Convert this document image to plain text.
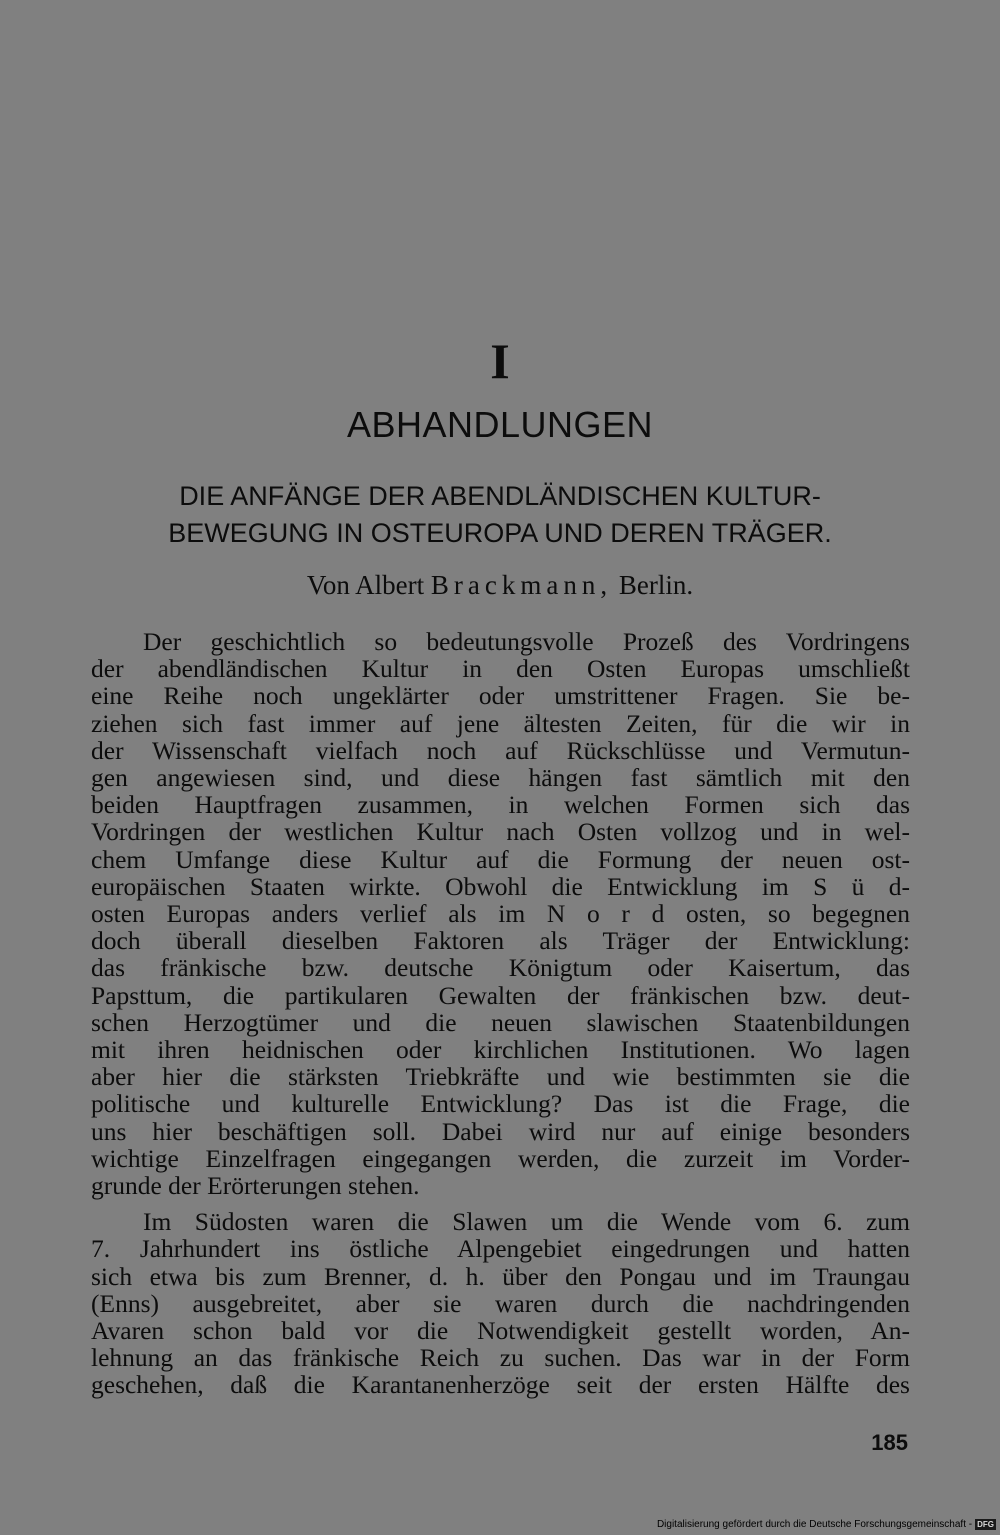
I
ABHANDLUNGEN
DIE ANFÄNGE DER ABENDLÄNDISCHEN KULTUR-
BEWEGUNG IN OSTEUROPA UND DEREN TRÄGER.
Von Albert Brackmann, Berlin.

Der geschichtlich so bedeutungsvolle Prozeß des Vordringens
der abendländischen Kultur in den Osten Europas umschließt
eine Reihe noch ungeklärter oder umstrittener Fragen. Sie be-
ziehen sich fast immer auf jene ältesten Zeiten, für die wir in
der Wissenschaft vielfach noch auf Rückschlüsse und Vermutun-
gen angewiesen sind, und diese hängen fast sämtlich mit den
beiden Hauptfragen zusammen, in welchen Formen sich das
Vordringen der westlichen Kultur nach Osten vollzog und in wel-
chem Umfange diese Kultur auf die Formung der neuen ost-
europäischen Staaten wirkte. Obwohl die Entwicklung im S ü d-
osten Europas anders verlief als im N o r d osten, so begegnen
doch überall dieselben Faktoren als Träger der Entwicklung:
das fränkische bzw. deutsche Königtum oder Kaisertum, das
Papsttum, die partikularen Gewalten der fränkischen bzw. deut-
schen Herzogtümer und die neuen slawischen Staatenbildungen
mit ihren heidnischen oder kirchlichen Institutionen. Wo lagen
aber hier die stärksten Triebkräfte und wie bestimmten sie die
politische und kulturelle Entwicklung? Das ist die Frage, die
uns hier beschäftigen soll. Dabei wird nur auf einige besonders
wichtige Einzelfragen eingegangen werden, die zurzeit im Vorder-
grunde der Erörterungen stehen.

Im Südosten waren die Slawen um die Wende vom 6. zum
7. Jahrhundert ins östliche Alpengebiet eingedrungen und hatten
sich etwa bis zum Brenner, d. h. über den Pongau und im Traungau
(Enns) ausgebreitet, aber sie waren durch die nachdringenden
Avaren schon bald vor die Notwendigkeit gestellt worden, An-
lehnung an das fränkische Reich zu suchen. Das war in der Form
geschehen, daß die Karantanenherzöge seit der ersten Hälfte des

185
Digitalisierung gefördert durch die Deutsche Forschungsgemeinschaft - DFG
